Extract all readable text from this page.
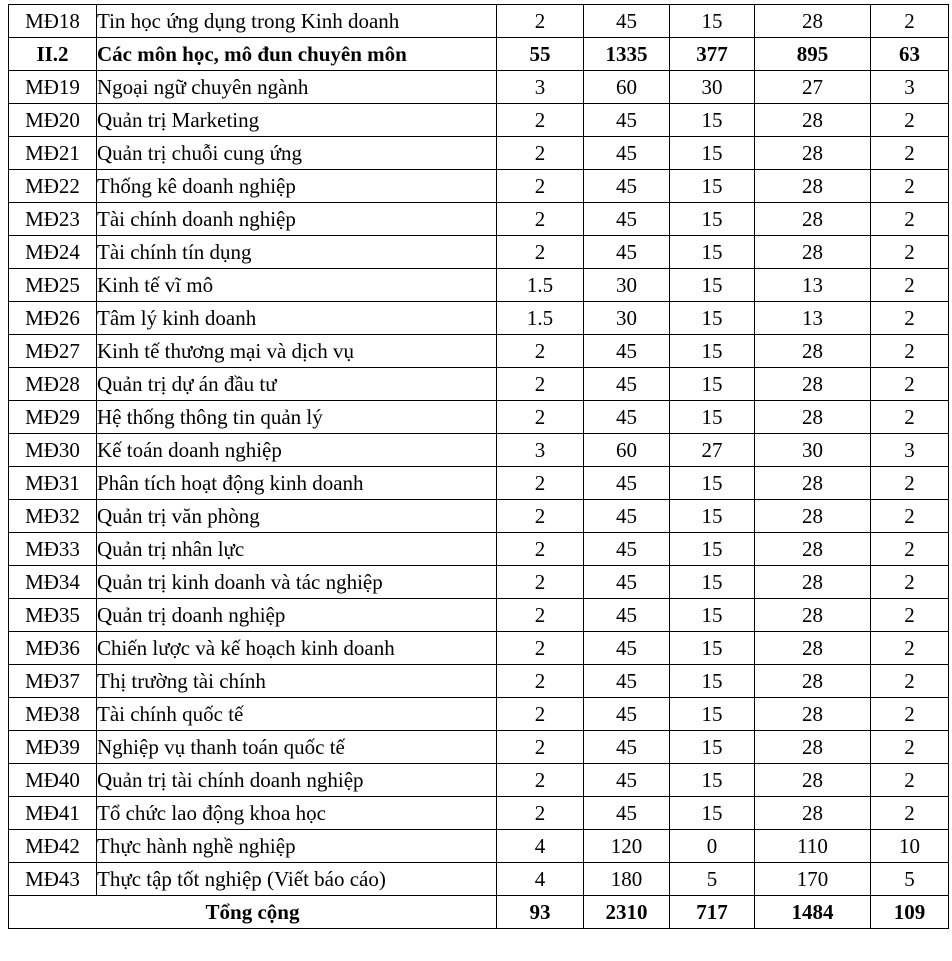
MĐ18	Tin học ứng dụng trong Kinh doanh	2	45	15	28	2
II.2	Các môn học, mô đun chuyên môn	55	1335	377	895	63
MĐ19	Ngoại ngữ chuyên ngành	3	60	30	27	3
MĐ20	Quản trị Marketing	2	45	15	28	2
MĐ21	Quản trị chuỗi cung ứng	2	45	15	28	2
MĐ22	Thống kê doanh nghiệp	2	45	15	28	2
MĐ23	Tài chính doanh nghiệp	2	45	15	28	2
MĐ24	Tài chính tín dụng	2	45	15	28	2
MĐ25	Kinh tế vĩ mô	1.5	30	15	13	2
MĐ26	Tâm lý kinh doanh	1.5	30	15	13	2
MĐ27	Kinh tế thương mại và dịch vụ	2	45	15	28	2
MĐ28	Quản trị dự án đầu tư	2	45	15	28	2
MĐ29	Hệ thống thông tin quản lý	2	45	15	28	2
MĐ30	Kế toán doanh nghiệp	3	60	27	30	3
MĐ31	Phân tích hoạt động kinh doanh	2	45	15	28	2
MĐ32	Quản trị văn phòng	2	45	15	28	2
MĐ33	Quản trị nhân lực	2	45	15	28	2
MĐ34	Quản trị kinh doanh và tác nghiệp	2	45	15	28	2
MĐ35	Quản trị doanh nghiệp	2	45	15	28	2
MĐ36	Chiến lược và kế hoạch kinh doanh	2	45	15	28	2
MĐ37	Thị trường tài chính	2	45	15	28	2
MĐ38	Tài chính quốc tế	2	45	15	28	2
MĐ39	Nghiệp vụ thanh toán quốc tế	2	45	15	28	2
MĐ40	Quản trị tài chính doanh nghiệp	2	45	15	28	2
MĐ41	Tổ chức lao động khoa học	2	45	15	28	2
MĐ42	Thực hành nghề nghiệp	4	120	0	110	10
MĐ43	Thực tập tốt nghiệp (Viết báo cáo)	4	180	5	170	5
Tổng cộng		93	2310	717	1484	109
